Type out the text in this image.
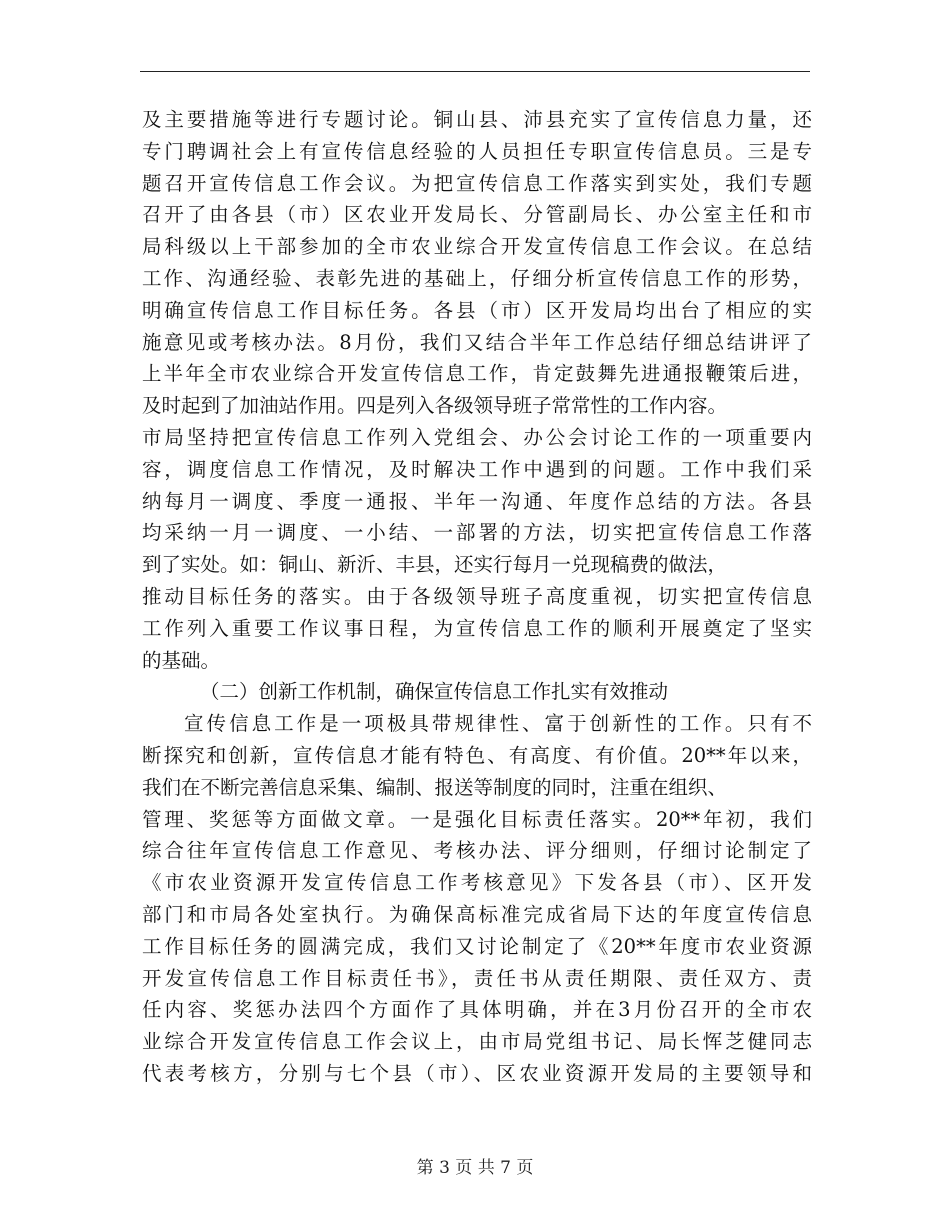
及主要措施等进行专题讨论。铜山县、沛县充实了宣传信息力量，还
专门聘调社会上有宣传信息经验的人员担任专职宣传信息员。三是专
题召开宣传信息工作会议。为把宣传信息工作落实到实处，我们专题
召开了由各县（市）区农业开发局长、分管副局长、办公室主任和市
局科级以上干部参加的全市农业综合开发宣传信息工作会议。在总结
工作、沟通经验、表彰先进的基础上，仔细分析宣传信息工作的形势，
明确宣传信息工作目标任务。各县（市）区开发局均出台了相应的实
施意见或考核办法。8月份，我们又结合半年工作总结仔细总结讲评了
上半年全市农业综合开发宣传信息工作，肯定鼓舞先进通报鞭策后进，
及时起到了加油站作用。四是列入各级领导班子常常性的工作内容。
市局坚持把宣传信息工作列入党组会、办公会讨论工作的一项重要内
容，调度信息工作情况，及时解决工作中遇到的问题。工作中我们采
纳每月一调度、季度一通报、半年一沟通、年度作总结的方法。各县
均采纳一月一调度、一小结、一部署的方法，切实把宣传信息工作落
到了实处。如：铜山、新沂、丰县，还实行每月一兑现稿费的做法，
推动目标任务的落实。由于各级领导班子高度重视，切实把宣传信息
工作列入重要工作议事日程，为宣传信息工作的顺利开展奠定了坚实
的基础。
（二）创新工作机制，确保宣传信息工作扎实有效推动
宣传信息工作是一项极具带规律性、富于创新性的工作。只有不
断探究和创新，宣传信息才能有特色、有高度、有价值。20**年以来，
我们在不断完善信息采集、编制、报送等制度的同时，注重在组织、
管理、奖惩等方面做文章。一是强化目标责任落实。20**年初，我们
综合往年宣传信息工作意见、考核办法、评分细则，仔细讨论制定了
《市农业资源开发宣传信息工作考核意见》下发各县（市）、区开发
部门和市局各处室执行。为确保高标准完成省局下达的年度宣传信息
工作目标任务的圆满完成，我们又讨论制定了《20**年度市农业资源
开发宣传信息工作目标责任书》，责任书从责任期限、责任双方、责
任内容、奖惩办法四个方面作了具体明确，并在3月份召开的全市农
业综合开发宣传信息工作会议上，由市局党组书记、局长恽芝健同志
代表考核方，分别与七个县（市）、区农业资源开发局的主要领导和
第 3 页 共 7 页
